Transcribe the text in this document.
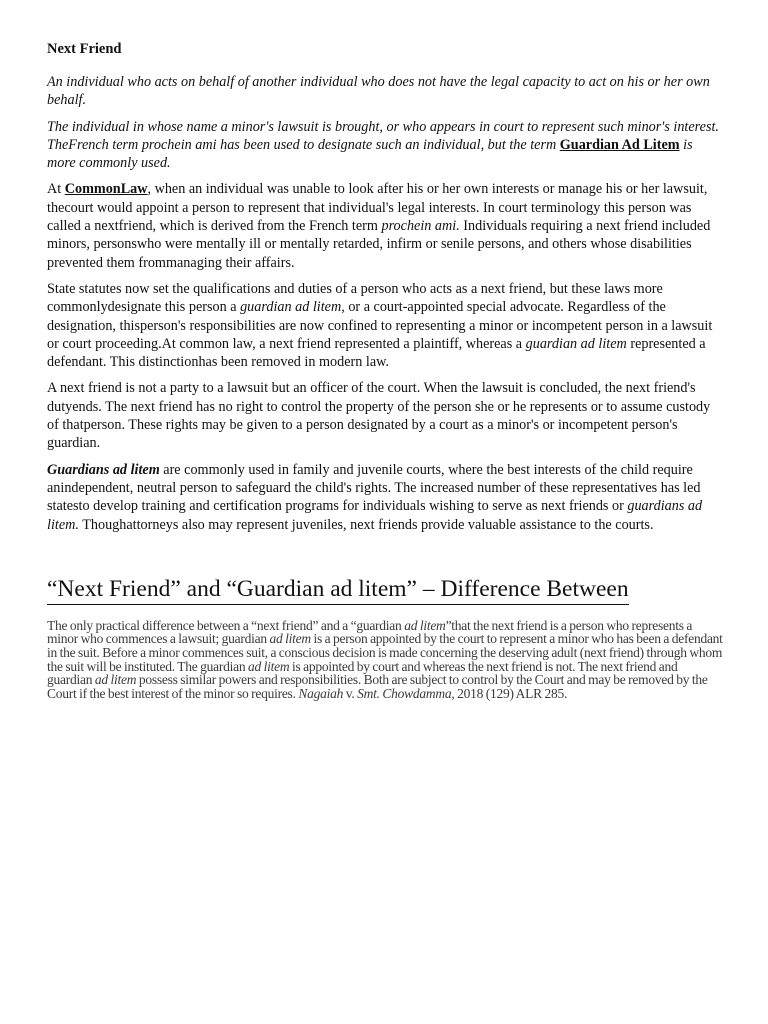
Next Friend

An individual who acts on behalf of another individual who does not have the legal capacity to act on his or her own behalf.

The individual in whose name a minor's lawsuit is brought, or who appears in court to represent such minor's interest. TheFrench term prochein ami has been used to designate such an individual, but the term Guardian Ad Litem is more commonly used.

At CommonLaw, when an individual was unable to look after his or her own interests or manage his or her lawsuit, thecourt would appoint a person to represent that individual's legal interests. In court terminology this person was called a nextfriend, which is derived from the French term prochein ami. Individuals requiring a next friend included minors, personswho were mentally ill or mentally retarded, infirm or senile persons, and others whose disabilities prevented them frommanaging their affairs.

State statutes now set the qualifications and duties of a person who acts as a next friend, but these laws more commonlydesignate this person a guardian ad litem, or a court-appointed special advocate. Regardless of the designation, thisperson's responsibilities are now confined to representing a minor or incompetent person in a lawsuit or court proceeding.At common law, a next friend represented a plaintiff, whereas a guardian ad litem represented a defendant. This distinctionhas been removed in modern law.

A next friend is not a party to a lawsuit but an officer of the court. When the lawsuit is concluded, the next friend's dutyends. The next friend has no right to control the property of the person she or he represents or to assume custody of thatperson. These rights may be given to a person designated by a court as a minor's or incompetent person's guardian.

Guardians ad litem are commonly used in family and juvenile courts, where the best interests of the child require anindependent, neutral person to safeguard the child's rights. The increased number of these representatives has led statesto develop training and certification programs for individuals wishing to serve as next friends or guardians ad litem. Thoughattorneys also may represent juveniles, next friends provide valuable assistance to the courts.

“Next Friend” and “Guardian ad litem” – Difference Between

The only practical difference between a “next friend” and a “guardian ad litem”that the next friend is a person who represents a minor who commences a lawsuit; guardian ad litem is a person appointed by the court to represent a minor who has been a defendant in the suit. Before a minor commences suit, a conscious decision is made concerning the deserving adult (next friend) through whom the suit will be instituted. The guardian ad litem is appointed by court and whereas the next friend is not. The next friend and guardian ad litem possess similar powers and responsibilities. Both are subject to control by the Court and may be removed by the Court if the best interest of the minor so requires. Nagaiah v. Smt. Chowdamma, 2018 (129) ALR 285.
